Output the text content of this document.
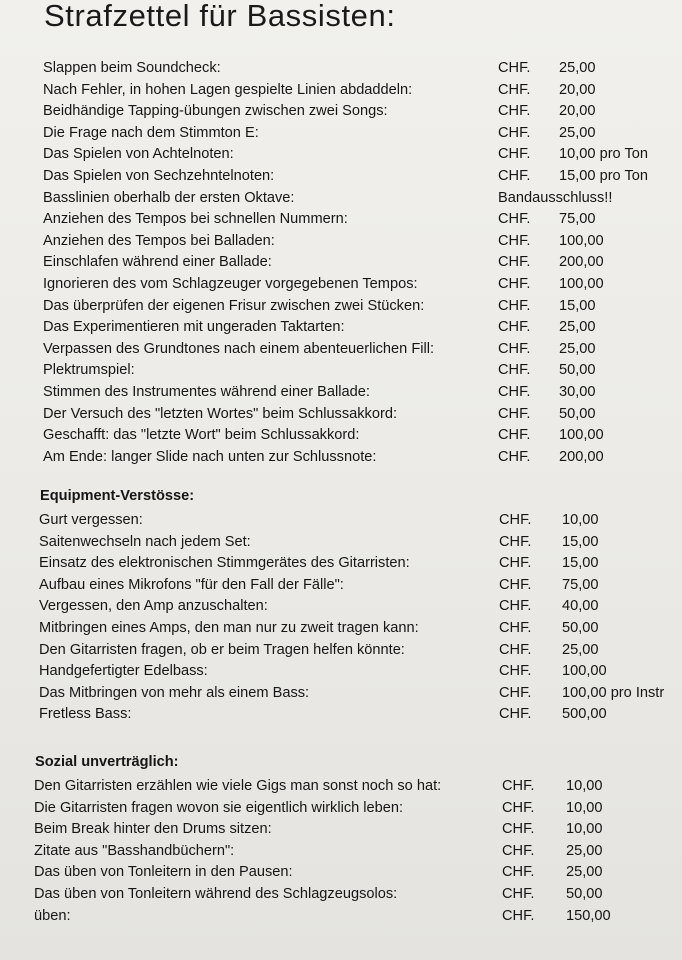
Strafzettel für Bassisten:
Slappen beim Soundcheck:	CHF. 25,00
Nach Fehler, in hohen Lagen gespielte Linien abdaddeln:	CHF. 20,00
Beidhändige Tapping-übungen zwischen zwei Songs:	CHF. 20,00
Die Frage nach dem Stimmton E:	CHF. 25,00
Das Spielen von Achtelnoten:	CHF. 10,00 pro Ton
Das Spielen von Sechzehntelnoten:	CHF. 15,00 pro Ton
Basslinien oberhalb der ersten Oktave:	Bandausschluss!!
Anziehen des Tempos bei schnellen Nummern:	CHF. 75,00
Anziehen des Tempos bei Balladen:	CHF. 100,00
Einschlafen während einer Ballade:	CHF. 200,00
Ignorieren des vom Schlagzeuger vorgegebenen Tempos:	CHF. 100,00
Das überprüfen der eigenen Frisur zwischen zwei Stücken:	CHF. 15,00
Das Experimentieren mit ungeraden Taktarten:	CHF. 25,00
Verpassen des Grundtones nach einem abenteuerlichen Fill:	CHF. 25,00
Plektrumspiel:	CHF. 50,00
Stimmen des Instrumentes während einer Ballade:	CHF. 30,00
Der Versuch des "letzten Wortes" beim Schlussakkord:	CHF. 50,00
Geschafft: das "letzte Wort" beim Schlussakkord:	CHF. 100,00
Am Ende: langer Slide nach unten zur Schlussnote:	CHF. 200,00
Equipment-Verstösse:
Gurt vergessen:	CHF. 10,00
Saitenwechseln nach jedem Set:	CHF. 15,00
Einsatz des elektronischen Stimmgerätes des Gitarristen:	CHF. 15,00
Aufbau eines Mikrofons "für den Fall der Fälle":	CHF. 75,00
Vergessen, den Amp anzuschalten:	CHF. 40,00
Mitbringen eines Amps, den man nur zu zweit tragen kann:	CHF. 50,00
Den Gitarristen fragen, ob er beim Tragen helfen könnte:	CHF. 25,00
Handgefertigter Edelbass:	CHF. 100,00
Das Mitbringen von mehr als einem Bass:	CHF. 100,00 pro Instr
Fretless Bass:	CHF. 500,00
Sozial unverträglich:
Den Gitarristen erzählen wie viele Gigs man sonst noch so hat:	CHF. 10,00
Die Gitarristen fragen wovon sie eigentlich wirklich leben:	CHF. 10,00
Beim Break hinter den Drums sitzen:	CHF. 10,00
Zitate aus "Basshandbüchern":	CHF. 25,00
Das üben von Tonleitern in den Pausen:	CHF. 25,00
Das üben von Tonleitern während des Schlagzeugsolos:	CHF. 50,00
üben:	CHF. 150,00
